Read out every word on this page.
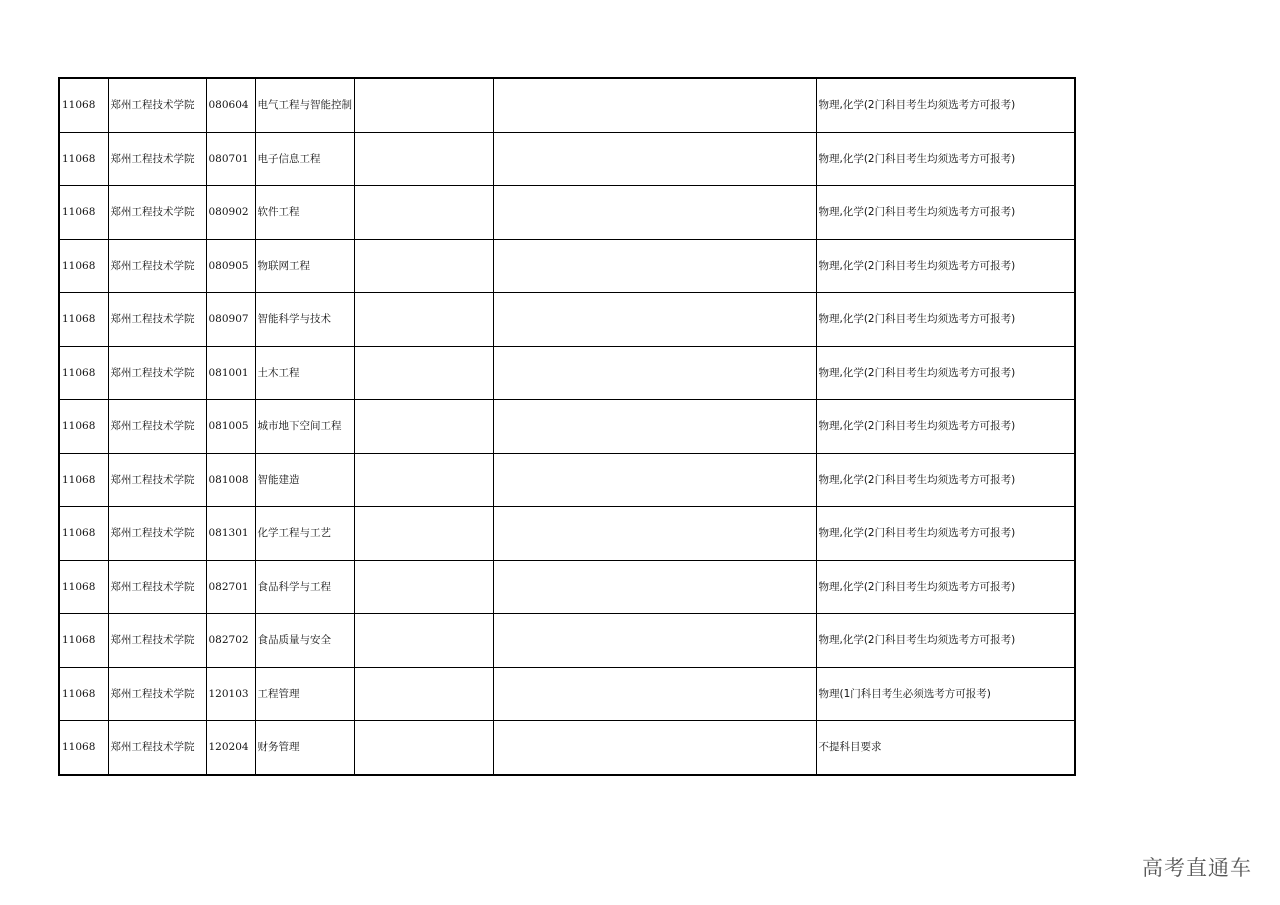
11068	郑州工程技术学院	080604	电气工程与智能控制			物理,化学(2门科目考生均须选考方可报考)
11068	郑州工程技术学院	080701	电子信息工程			物理,化学(2门科目考生均须选考方可报考)
11068	郑州工程技术学院	080902	软件工程			物理,化学(2门科目考生均须选考方可报考)
11068	郑州工程技术学院	080905	物联网工程			物理,化学(2门科目考生均须选考方可报考)
11068	郑州工程技术学院	080907	智能科学与技术			物理,化学(2门科目考生均须选考方可报考)
11068	郑州工程技术学院	081001	土木工程			物理,化学(2门科目考生均须选考方可报考)
11068	郑州工程技术学院	081005	城市地下空间工程			物理,化学(2门科目考生均须选考方可报考)
11068	郑州工程技术学院	081008	智能建造			物理,化学(2门科目考生均须选考方可报考)
11068	郑州工程技术学院	081301	化学工程与工艺			物理,化学(2门科目考生均须选考方可报考)
11068	郑州工程技术学院	082701	食品科学与工程			物理,化学(2门科目考生均须选考方可报考)
11068	郑州工程技术学院	082702	食品质量与安全			物理,化学(2门科目考生均须选考方可报考)
11068	郑州工程技术学院	120103	工程管理			物理(1门科目考生必须选考方可报考)
11068	郑州工程技术学院	120204	财务管理			不提科目要求
高考直通车
